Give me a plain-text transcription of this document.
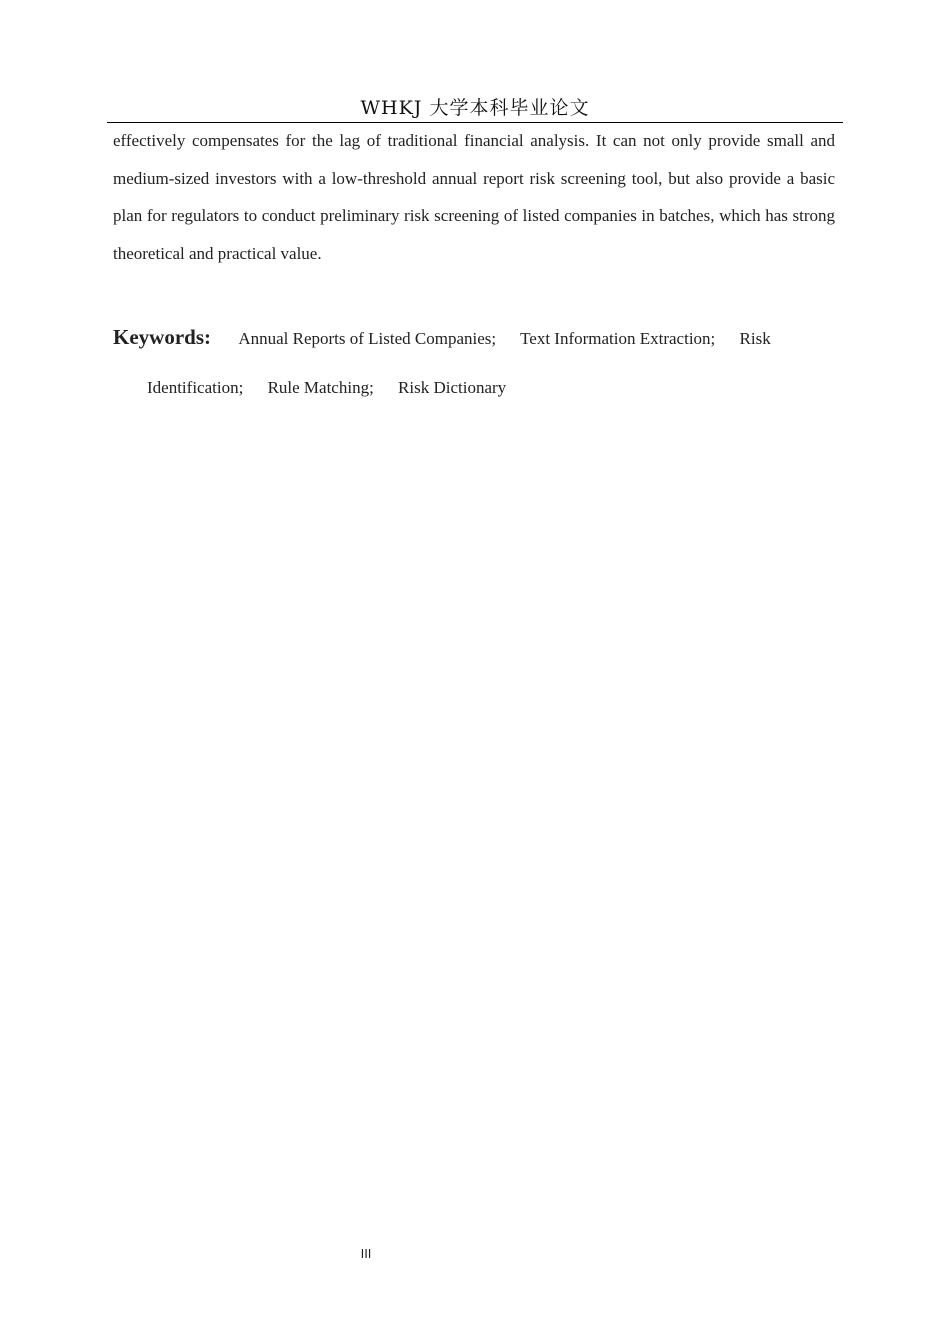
WHKJ 大学本科毕业论文

effectively compensates for the lag of traditional financial analysis. It can not only provide small and medium-sized investors with a low-threshold annual report risk screening tool, but also provide a basic plan for regulators to conduct preliminary risk screening of listed companies in batches, which has strong theoretical and practical value.

Keywords: Annual Reports of Listed Companies; Text Information Extraction; Risk Identification; Rule Matching; Risk Dictionary

III
